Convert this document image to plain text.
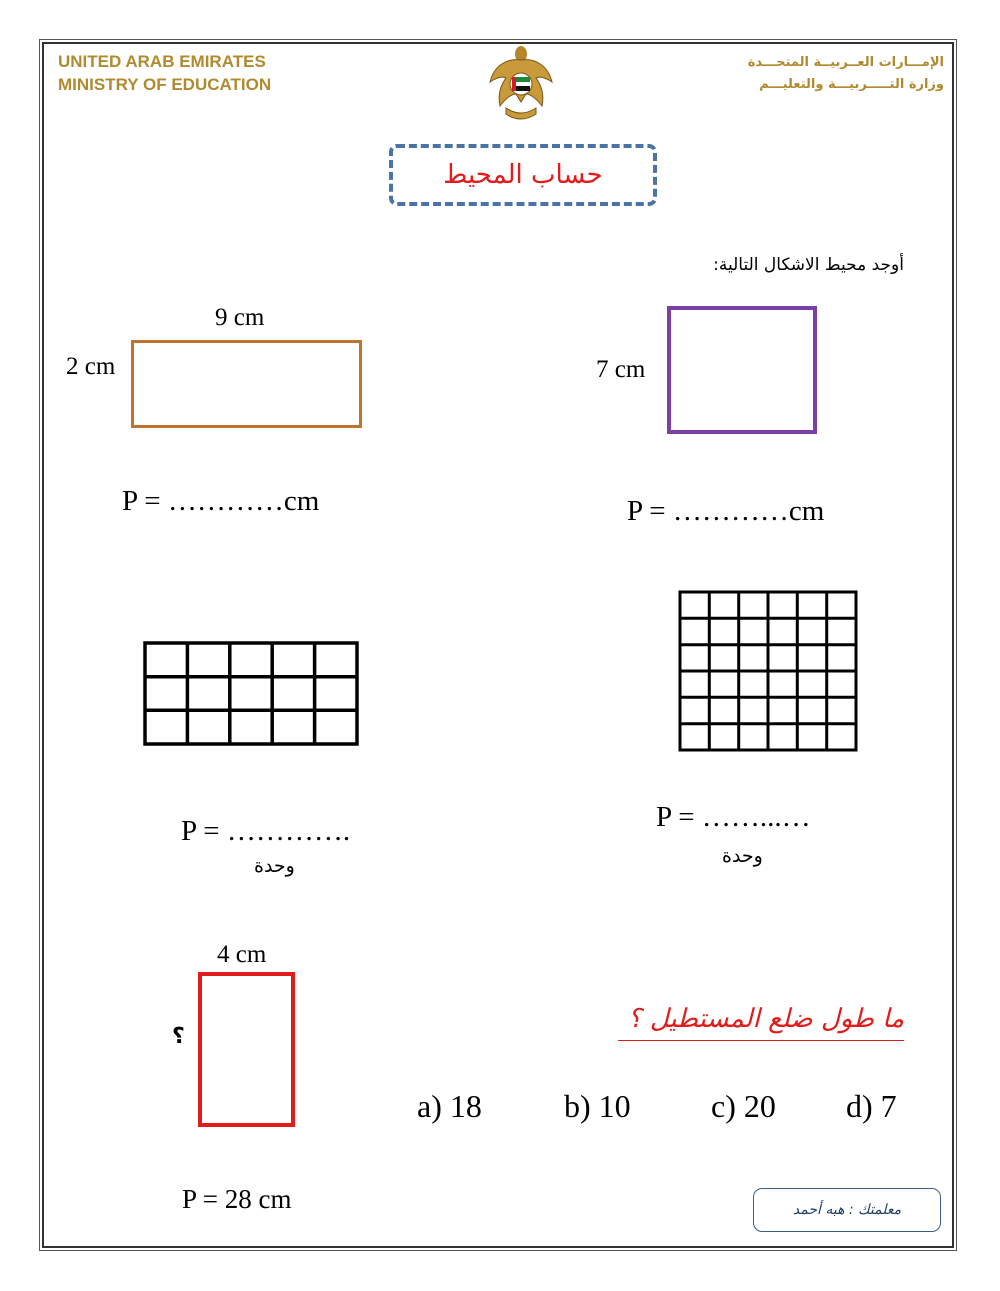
UNITED ARAB EMIRATES
MINISTRY OF EDUCATION
الإمـــارات العــربيــة المتحـــدة
وزارة التـــــربيـــة والتعليـــم
حساب المحيط
أوجد محيط الاشكال التالية:
9 cm
2 cm
P = …………cm
7 cm
P = …………cm
P = ………….
وحدة
P = ……...…
وحدة
4 cm
؟
P = 28 cm
ما طول ضلع المستطيل ؟
a) 18	b) 10	c) 20 d) 7
معلمتك : هبه أحمد
